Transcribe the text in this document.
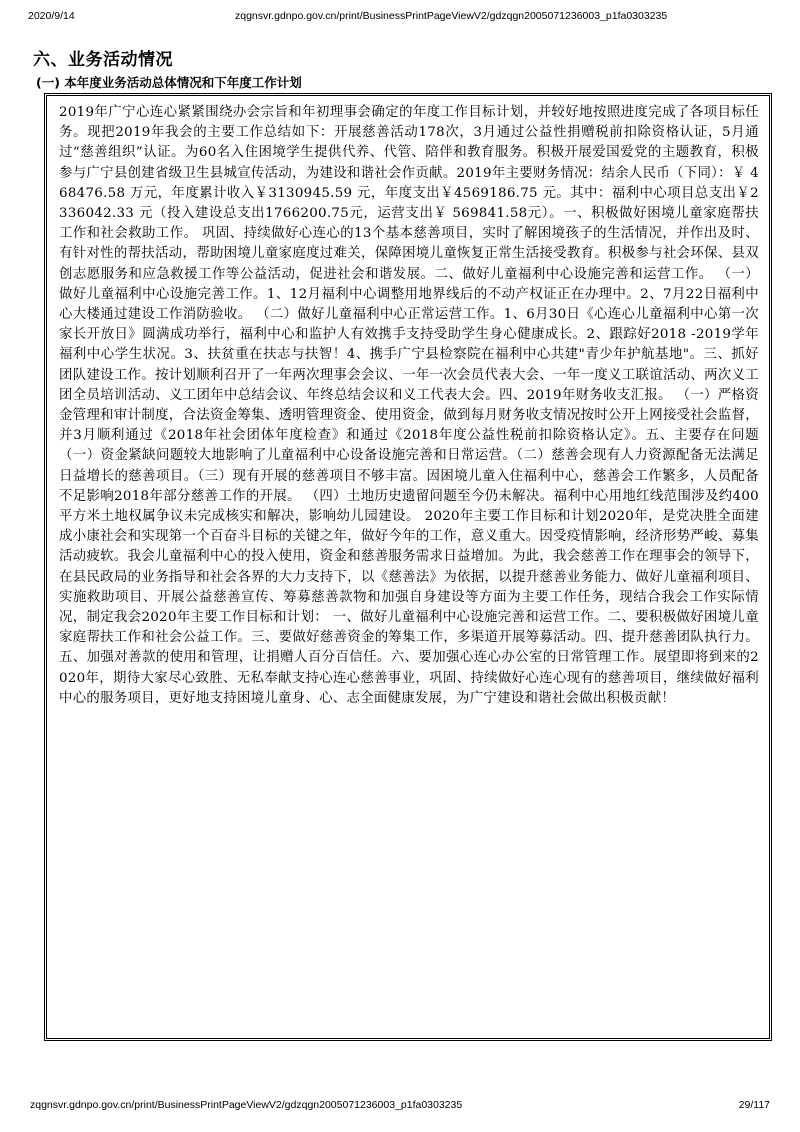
2020/9/14	zqgnsvr.gdnpo.gov.cn/print/BusinessPrintPageViewV2/gdzqgn2005071236003_p1fa0303235
六、业务活动情况
(一) 本年度业务活动总体情况和下年度工作计划

2019年广宁心连心紧紧围绕办会宗旨和年初理事会确定的年度工作目标计划，并较好地按照进度完成了各项目标任务。现把2019年我会的主要工作总结如下：开展慈善活动178次，3月通过公益性捐赠税前扣除资格认证，5月通过“慈善组织”认证。为60名入住困境学生提供代养、代管、陪伴和教育服务。积极开展爱国爱党的主题教育，积极参与广宁县创建省级卫生县城宣传活动，为建设和谐社会作贡献。2019年主要财务情况：结余人民币（下同）：￥ 468476.58 万元，年度累计收入￥3130945.59 元，年度支出￥4569186.75 元。其中：福利中心项目总支出￥2336042.33 元（投入建设总支出1766200.75元，运营支出￥ 569841.58元）。一、积极做好困境儿童家庭帮扶工作和社会救助工作。 巩固、持续做好心连心的13个基本慈善项目，实时了解困境孩子的生活情况，并作出及时、有针对性的帮扶活动，帮助困境儿童家庭度过难关，保障困境儿童恢复正常生活接受教育。积极参与社会环保、县双创志愿服务和应急救援工作等公益活动，促进社会和谐发展。二、做好儿童福利中心设施完善和运营工作。 （一）做好儿童福利中心设施完善工作。1、12月福利中心调整用地界线后的不动产权证正在办理中。2、7月22日福利中心大楼通过建设工作消防验收。 （二）做好儿童福利中心正常运营工作。1、6月30日《心连心儿童福利中心第一次家长开放日》圆满成功举行，福利中心和监护人有效携手支持受助学生身心健康成长。2、跟踪好2018 -2019学年福利中心学生状况。3、扶贫重在扶志与扶智！4、携手广宁县检察院在福利中心共建"青少年护航基地"。三、抓好团队建设工作。按计划顺利召开了一年两次理事会会议、一年一次会员代表大会、一年一度义工联谊活动、两次义工团全员培训活动、义工团年中总结会议、年终总结会议和义工代表大会。四、2019年财务收支汇报。 （一）严格资金管理和审计制度，合法资金筹集、透明管理资金、使用资金，做到每月财务收支情况按时公开上网接受社会监督，并3月顺利通过《2018年社会团体年度检查》和通过《2018年度公益性税前扣除资格认定》。五、主要存在问题 （一）资金紧缺问题较大地影响了儿童福利中心设备设施完善和日常运营。（二）慈善会现有人力资源配备无法满足日益增长的慈善项目。（三）现有开展的慈善项目不够丰富。因困境儿童入住福利中心，慈善会工作繁多，人员配备不足影响2018年部分慈善工作的开展。 （四）土地历史遗留问题至今仍未解决。福利中心用地红线范围涉及约400平方米土地权属争议未完成核实和解决，影响幼儿园建设。 2020年主要工作目标和计划2020年，是党决胜全面建成小康社会和实现第一个百奋斗目标的关键之年，做好今年的工作，意义重大。因受疫情影响，经济形势严峻、募集活动疲软。我会儿童福利中心的投入使用，资金和慈善服务需求日益增加。为此，我会慈善工作在理事会的领导下，在县民政局的业务指导和社会各界的大力支持下，以《慈善法》为依据，以提升慈善业务能力、做好儿童福利项目、实施救助项目、开展公益慈善宣传、筹募慈善款物和加强自身建设等方面为主要工作任务，现结合我会工作实际情况，制定我会2020年主要工作目标和计划： 一、做好儿童福利中心设施完善和运营工作。二、要积极做好困境儿童家庭帮扶工作和社会公益工作。三、要做好慈善资金的筹集工作，多渠道开展筹募活动。四、提升慈善团队执行力。五、加强对善款的使用和管理，让捐赠人百分百信任。六、要加强心连心办公室的日常管理工作。展望即将到来的2020年，期待大家尽心致胜、无私奉献支持心连心慈善事业，巩固、持续做好心连心现有的慈善项目，继续做好福利中心的服务项目，更好地支持困境儿童身、心、志全面健康发展，为广宁建设和谐社会做出积极贡献！

zqgnsvr.gdnpo.gov.cn/print/BusinessPrintPageViewV2/gdzqgn2005071236003_p1fa0303235	29/117
